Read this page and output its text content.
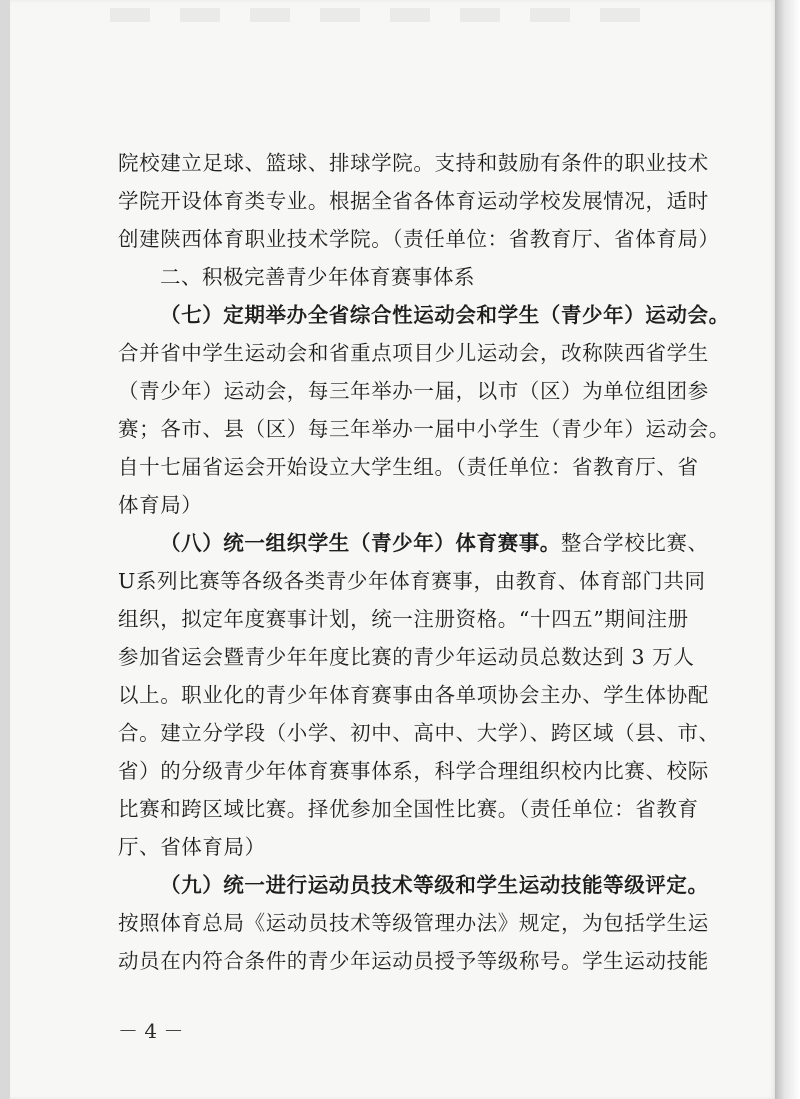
院校建立足球、篮球、排球学院。支持和鼓励有条件的职业技术
学院开设体育类专业。根据全省各体育运动学校发展情况，适时
创建陕西体育职业技术学院。（责任单位：省教育厅、省体育局）
二、积极完善青少年体育赛事体系
（七）定期举办全省综合性运动会和学生（青少年）运动会。
合并省中学生运动会和省重点项目少儿运动会，改称陕西省学生
（青少年）运动会，每三年举办一届，以市（区）为单位组团参
赛；各市、县（区）每三年举办一届中小学生（青少年）运动会。
自十七届省运会开始设立大学生组。（责任单位：省教育厅、省
体育局）
（八）统一组织学生（青少年）体育赛事。整合学校比赛、
U系列比赛等各级各类青少年体育赛事，由教育、体育部门共同
组织，拟定年度赛事计划，统一注册资格。“十四五”期间注册
参加省运会暨青少年年度比赛的青少年运动员总数达到 3 万人
以上。职业化的青少年体育赛事由各单项协会主办、学生体协配
合。建立分学段（小学、初中、高中、大学）、跨区域（县、市、
省）的分级青少年体育赛事体系，科学合理组织校内比赛、校际
比赛和跨区域比赛。择优参加全国性比赛。（责任单位：省教育
厅、省体育局）
（九）统一进行运动员技术等级和学生运动技能等级评定。
按照体育总局《运动员技术等级管理办法》规定，为包括学生运
动员在内符合条件的青少年运动员授予等级称号。学生运动技能
－ 4 －
